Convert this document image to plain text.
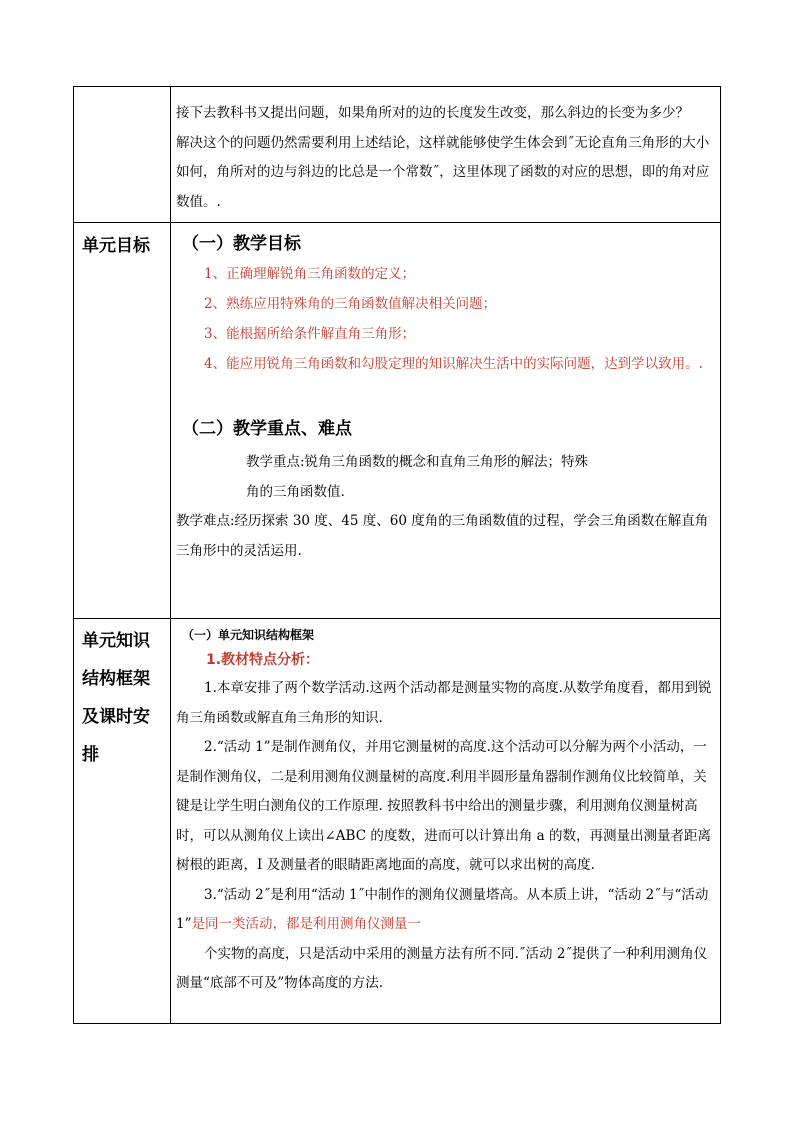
接下去教科书又提出问题，如果角所对的边的长度发生改变，那么斜边的长变为多少？

解决这个的问题仍然需要利用上述结论，这样就能够使学生体会到˝无论直角三角形的大小如何，角所对的边与斜边的比总是一个常数˝，这里体现了函数的对应的思想，即的角对应数值。.

单元目标	（一）教学目标

1、正确理解锐角三角函数的定义；

2、熟练应用特殊角的三角函数值解决相关问题；

3、能根据所给条件解直角三角形；

4、能应用锐角三角函数和勾股定理的知识解决生活中的实际问题，达到学以致用。.

（二）教学重点、难点

教学重点:锐角三角函数的概念和直角三角形的解法；特殊

角的三角函数值.

教学难点:经历探索 30 度、45 度、60 度角的三角函数值的过程，学会三角函数在解直角三角形中的灵活运用.

单元知识结构框架及课时安排

（一）单元知识结构框架

1.教材特点分析：

1.本章安排了两个数学活动.这两个活动都是测量实物的高度.从数学角度看，都用到锐角三角函数或解直角三角形的知识.

2.“活动 1”是制作测角仪，并用它测量树的高度.这个活动可以分解为两个小活动，一是制作测角仪，二是利用测角仪测量树的高度.利用半圆形量角器制作测角仪比较简单，关键是让学生明白测角仪的工作原理. 按照教科书中给出的测量步骤，利用测角仪测量树高时，可以从测角仪上读出∠ABC 的度数，进而可以计算出角 a 的数，再测量出测量者距离树根的距离，I 及测量者的眼睛距离地面的高度，就可以求出树的高度.

3.“活动 2˝是利用“活动 1˝中制作的测角仪测量塔高。从本质上讲，“活动 2˝与“活动 1”是同一类活动，都是利用测角仪测量一

个实物的高度，只是活动中采用的测量方法有所不同.˝活动 2˝提供了一种利用测角仪测量“底部不可及”物体高度的方法.
